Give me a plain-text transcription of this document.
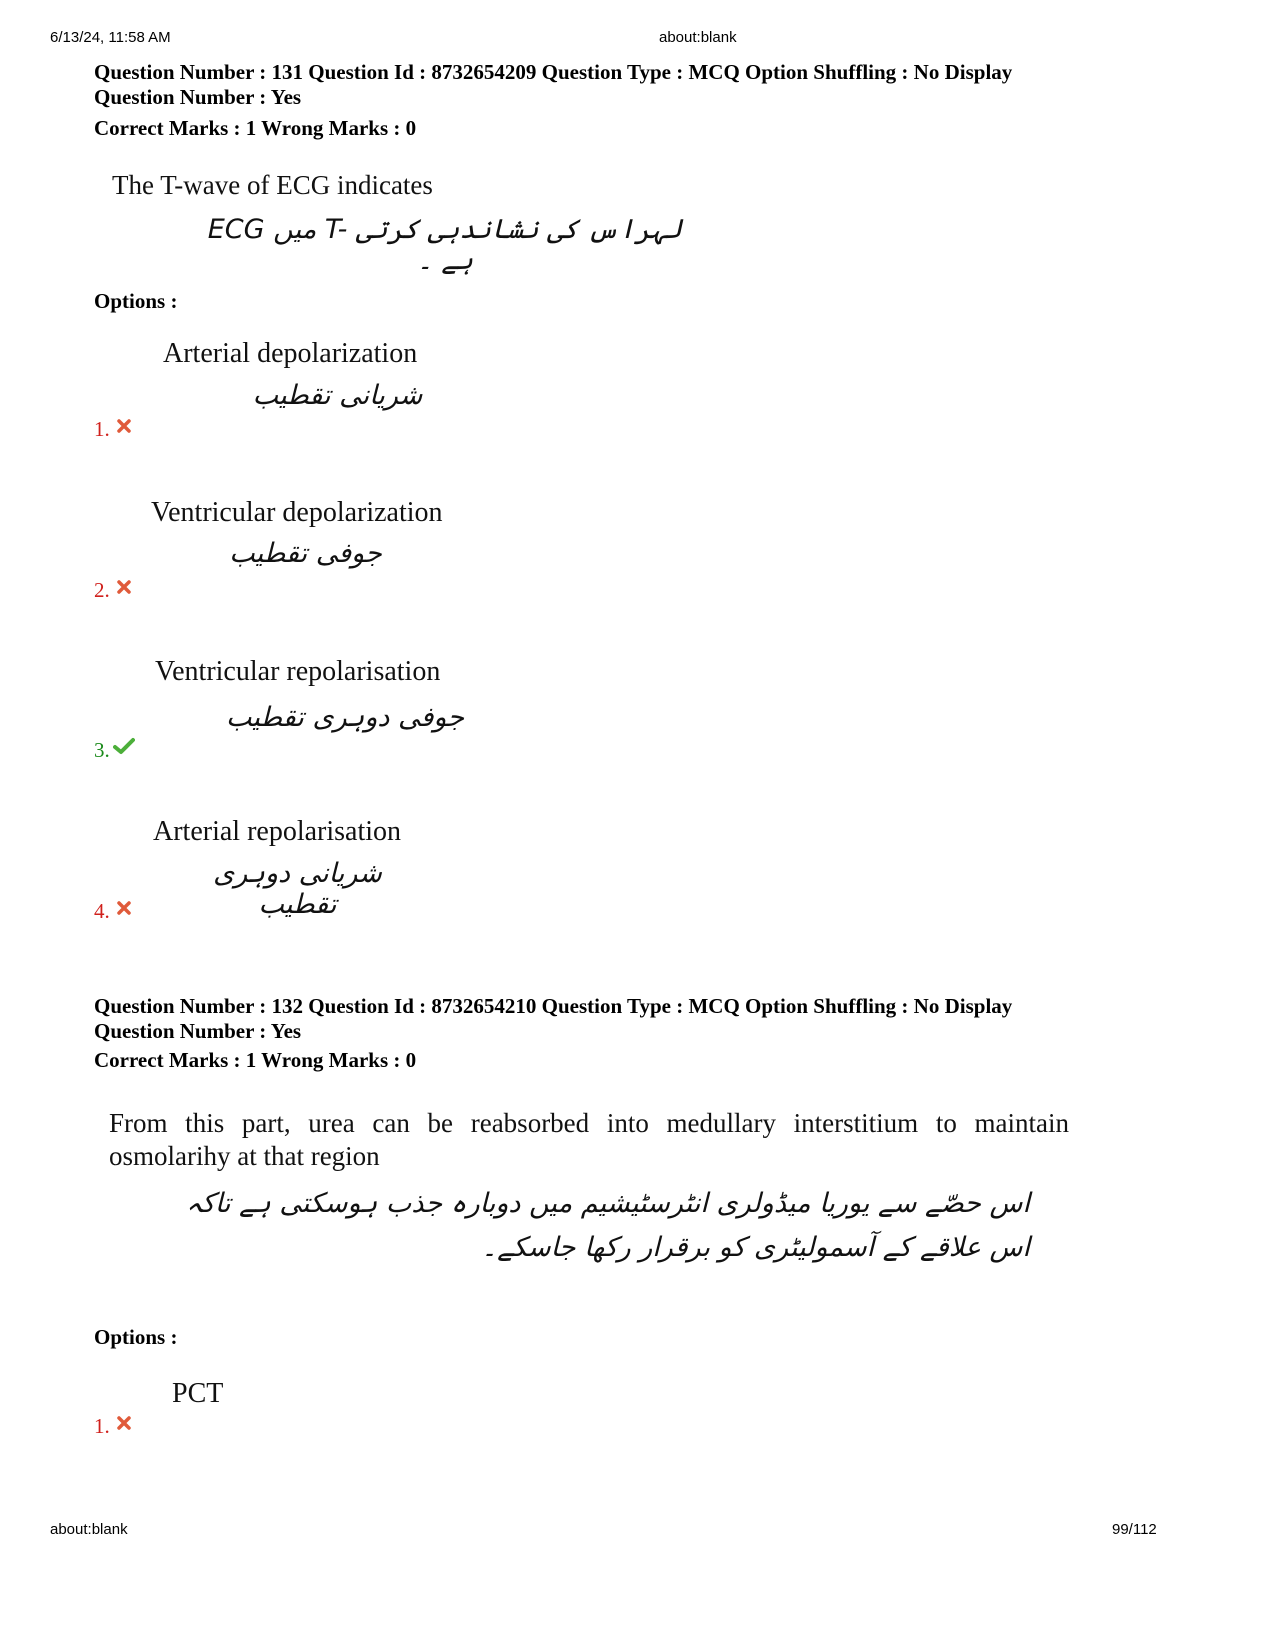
6/13/24, 11:58 AM	about:blank
Question Number : 131 Question Id : 8732654209 Question Type : MCQ Option Shuffling : No Display
Question Number : Yes
Correct Marks : 1 Wrong Marks : 0
The T-wave of ECG indicates
ECG میں T- لہراس کی نشاندہی کرتی ہے ۔
Options :
Arterial depolarization
شریانی تقطیب
1.
Ventricular depolarization
جوفی تقطیب
2.
Ventricular repolarisation
جوفی دوہری تقطیب
3.
Arterial repolarisation
شریانی دوہری تقطیب
4.
Question Number : 132 Question Id : 8732654210 Question Type : MCQ Option Shuffling : No Display
Question Number : Yes
Correct Marks : 1 Wrong Marks : 0
From this part, urea can be reabsorbed into medullary interstitium to maintain
osmolarihy at that region
اس حصّے سے یوریا میڈولری انٹرسٹیشیم میں دوبارہ جذب ہوسکتی ہے تاکہ
اس علاقے کے آسمولیٹری کو برقرار رکھا جاسکے۔
Options :
PCT
1.
about:blank	99/112
